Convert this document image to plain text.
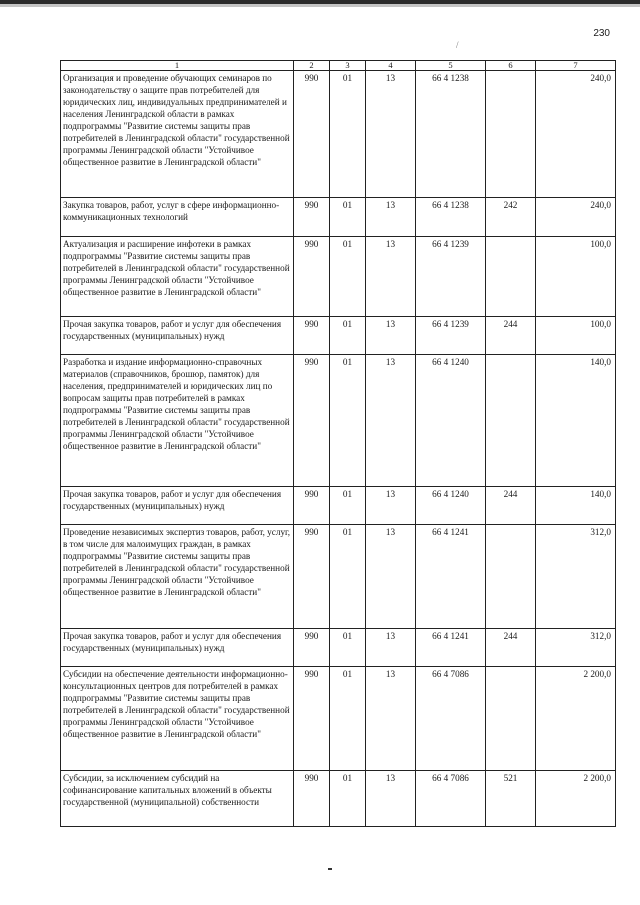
230
/
1	2	3	4	5	6	7
Организация и проведение обучающих семинаров по законодательству о защите прав потребителей для юридических лиц, индивидуальных предпринимателей и населения Ленинградской области в рамках подпрограммы "Развитие системы защиты прав потребителей в Ленинградской области" государственной программы Ленинградской области "Устойчивое общественное развитие в Ленинградской области"	990	01	13	66 4 1238		240,0
Закупка товаров, работ, услуг в сфере информационно-коммуникационных технологий	990	01	13	66 4 1238	242	240,0
Актуализация и расширение инфотеки в рамках подпрограммы "Развитие системы защиты прав потребителей в Ленинградской области" государственной программы Ленинградской области "Устойчивое общественное развитие в Ленинградской области"	990	01	13	66 4 1239		100,0
Прочая закупка товаров, работ и услуг для обеспечения государственных (муниципальных) нужд	990	01	13	66 4 1239	244	100,0
Разработка и издание информационно-справочных материалов (справочников, брошюр, памяток) для населения, предпринимателей и юридических лиц по вопросам защиты прав потребителей в рамках подпрограммы "Развитие системы защиты прав потребителей в Ленинградской области" государственной программы Ленинградской области "Устойчивое общественное развитие в Ленинградской области"	990	01	13	66 4 1240		140,0
Прочая закупка товаров, работ и услуг для обеспечения государственных (муниципальных) нужд	990	01	13	66 4 1240	244	140,0
Проведение независимых экспертиз товаров, работ, услуг, в том числе для малоимущих граждан, в рамках подпрограммы "Развитие системы защиты прав потребителей в Ленинградской области" государственной программы Ленинградской области "Устойчивое общественное развитие в Ленинградской области"	990	01	13	66 4 1241		312,0
Прочая закупка товаров, работ и услуг для обеспечения государственных (муниципальных) нужд	990	01	13	66 4 1241	244	312,0
Субсидии на обеспечение деятельности информационно-консультационных центров для потребителей в рамках подпрограммы "Развитие системы защиты прав потребителей в Ленинградской области" государственной программы Ленинградской области "Устойчивое общественное развитие в Ленинградской области"	990	01	13	66 4 7086		2 200,0
Субсидии, за исключением субсидий на софинансирование капитальных вложений в объекты государственной (муниципальной) собственности	990	01	13	66 4 7086	521	2 200,0
